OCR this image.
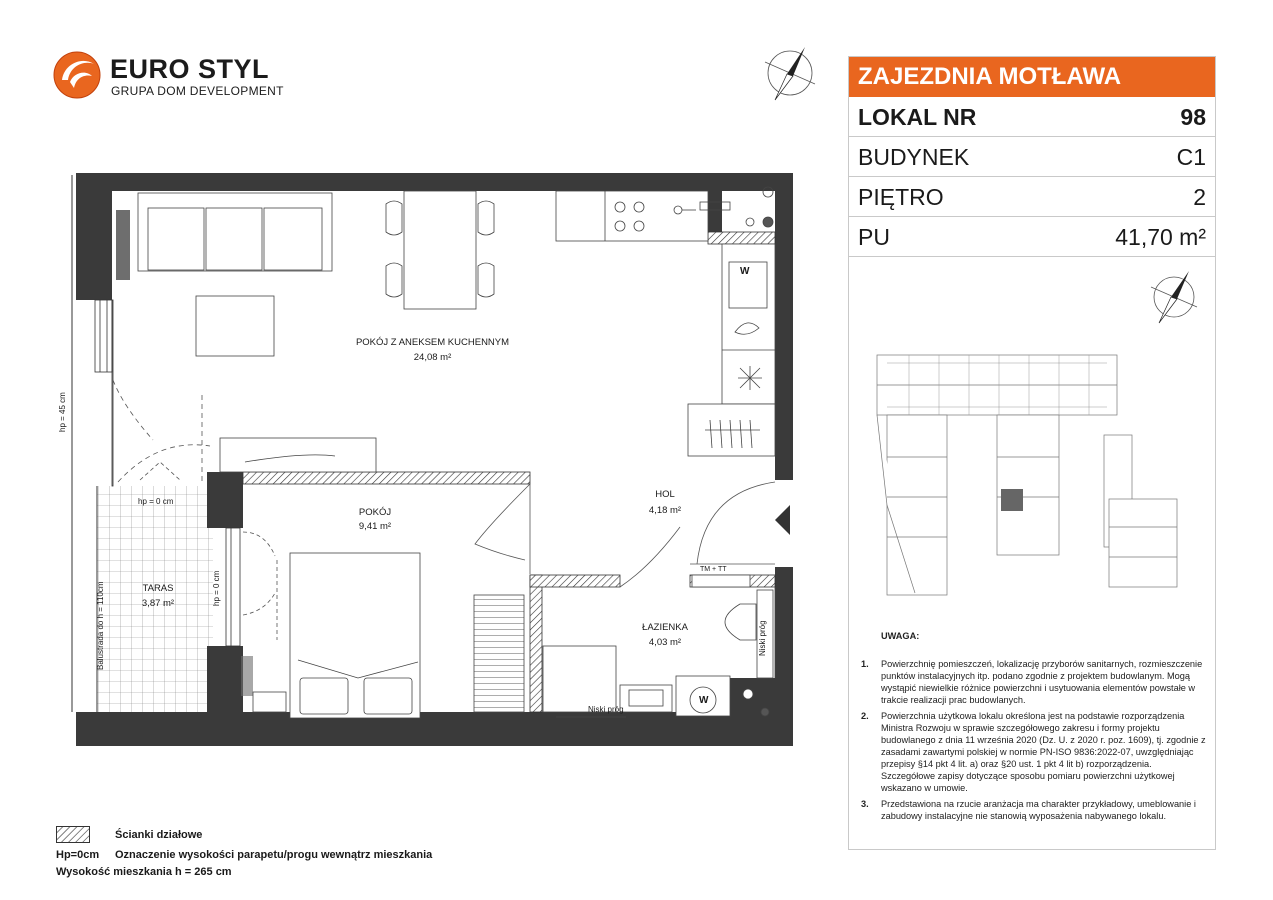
EURO STYL
GRUPA DOM DEVELOPMENT
POKÓJ Z ANEKSEM KUCHENNYM
24,08 m²
POKÓJ
9,41 m²
HOL
4,18 m²
ŁAZIENKA
4,03 m²
TARAS
3,87 m²
hp = 45 cm
hp = 0 cm
hp = 0 cm
Balustrada do h = 110cm
TM + TT
Niski próg
Niski próg
W
W
Ścianki działowe
Hp=0cm Oznaczenie wysokości parapetu/progu wewnątrz mieszkania
Wysokość mieszkania h = 265 cm
ZAJEZDNIA MOTŁAWA
LOKAL NR	98
BUDYNEK	C1
PIĘTRO	2
PU	41,70 m²
UWAGA:
1. Powierzchnię pomieszczeń, lokalizację przyborów sanitarnych, rozmieszczenie punktów instalacyjnych itp. podano zgodnie z projektem budowlanym. Mogą wystąpić niewielkie różnice powierzchni i usytuowania elementów powstałe w trakcie realizacji prac budowlanych.
2. Powierzchnia użytkowa lokalu określona jest na podstawie rozporządzenia Ministra Rozwoju w sprawie szczegółowego zakresu i formy projektu budowlanego z dnia 11 września 2020 (Dz. U. z 2020 r. poz. 1609), tj. zgodnie z zasadami zawartymi polskiej w normie PN-ISO 9836:2022-07, uwzględniając przepisy §14 pkt 4 lit. a) oraz §20 ust. 1 pkt 4 lit b) rozporządzenia. Szczegółowe zapisy dotyczące sposobu pomiaru powierzchni użytkowej wskazano w umowie.
3. Przedstawiona na rzucie aranżacja ma charakter przykładowy, umeblowanie i zabudowy instalacyjne nie stanowią wyposażenia nabywanego lokalu.
